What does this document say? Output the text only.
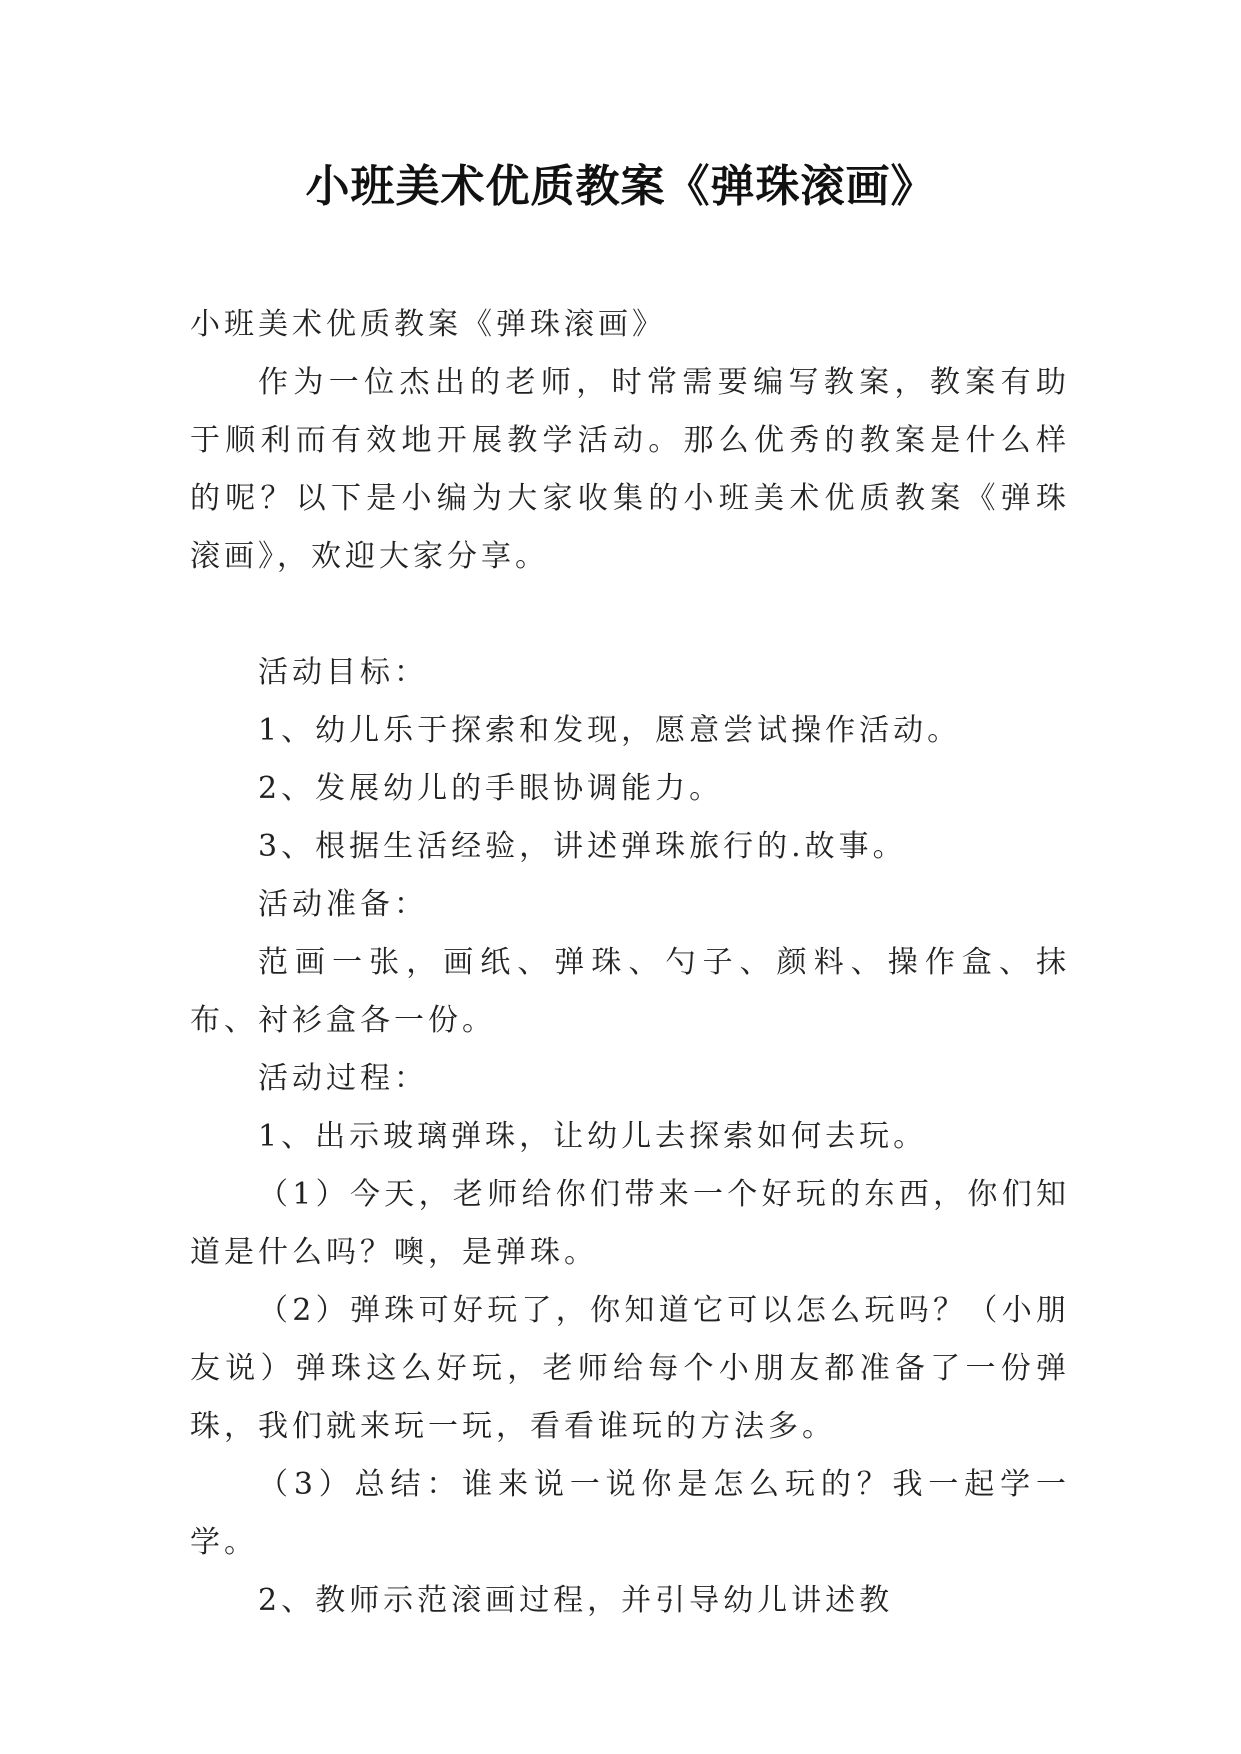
小班美术优质教案《弹珠滚画》

小班美术优质教案《弹珠滚画》

作为一位杰出的老师，时常需要编写教案，教案有助于顺利而有效地开展教学活动。那么优秀的教案是什么样的呢？以下是小编为大家收集的小班美术优质教案《弹珠滚画》，欢迎大家分享。

活动目标：

1、幼儿乐于探索和发现，愿意尝试操作活动。

2、发展幼儿的手眼协调能力。

3、根据生活经验，讲述弹珠旅行的.故事。

活动准备：

范画一张，画纸、弹珠、勺子、颜料、操作盒、抹布、衬衫盒各一份。

活动过程：

1、出示玻璃弹珠，让幼儿去探索如何去玩。

（1）今天，老师给你们带来一个好玩的东西，你们知道是什么吗？噢，是弹珠。

（2）弹珠可好玩了，你知道它可以怎么玩吗？（小朋友说）弹珠这么好玩，老师给每个小朋友都准备了一份弹珠，我们就来玩一玩，看看谁玩的方法多。

（3）总结：谁来说一说你是怎么玩的？我一起学一学。

2、教师示范滚画过程，并引导幼儿讲述教
